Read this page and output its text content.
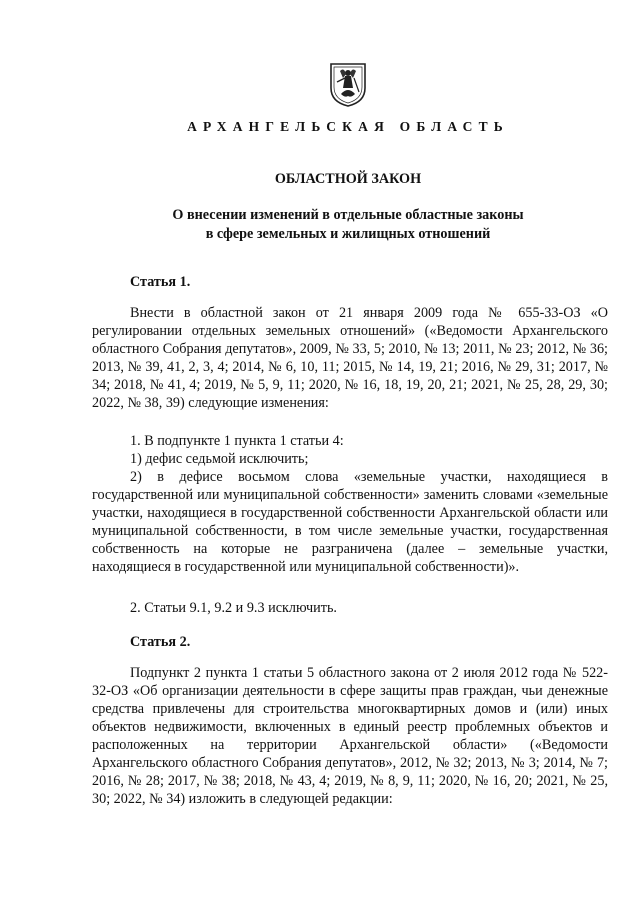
АРХАНГЕЛЬСКАЯ ОБЛАСТЬ
ОБЛАСТНОЙ ЗАКОН
О внесении изменений в отдельные областные законы
в сфере земельных и жилищных отношений
Статья 1.

Внести в областной закон от 21 января 2009 года № 655-33-ОЗ «О регулировании отдельных земельных отношений» («Ведомости Архангельского областного Собрания депутатов», 2009, № 33, 5; 2010, № 13; 2011, № 23; 2012, № 36; 2013, № 39, 41, 2, 3, 4; 2014, № 6, 10, 11; 2015, № 14, 19, 21; 2016, № 29, 31; 2017, № 34; 2018, № 41, 4; 2019, № 5, 9, 11; 2020, № 16, 18, 19, 20, 21; 2021, № 25, 28, 29, 30; 2022, № 38, 39) следующие изменения:

1. В подпункте 1 пункта 1 статьи 4:
1) дефис седьмой исключить;

2) в дефисе восьмом слова «земельные участки, находящиеся в государственной или муниципальной собственности» заменить словами «земельные участки, находящиеся в государственной собственности Архангельской области или муниципальной собственности, в том числе земельные участки, государственная собственность на которые не разграничена (далее – земельные участки, находящиеся в государственной или муниципальной собственности)».

2. Статьи 9.1, 9.2 и 9.3 исключить.
Статья 2.

Подпункт 2 пункта 1 статьи 5 областного закона от 2 июля 2012 года № 522-32-ОЗ «Об организации деятельности в сфере защиты прав граждан, чьи денежные средства привлечены для строительства многоквартирных домов и (или) иных объектов недвижимости, включенных в единый реестр проблемных объектов и расположенных на территории Архангельской области» («Ведомости Архангельского областного Собрания депутатов», 2012, № 32; 2013, № 3; 2014, № 7; 2016, № 28; 2017, № 38; 2018, № 43, 4; 2019, № 8, 9, 11; 2020, № 16, 20; 2021, № 25, 30; 2022, № 34) изложить в следующей редакции:
